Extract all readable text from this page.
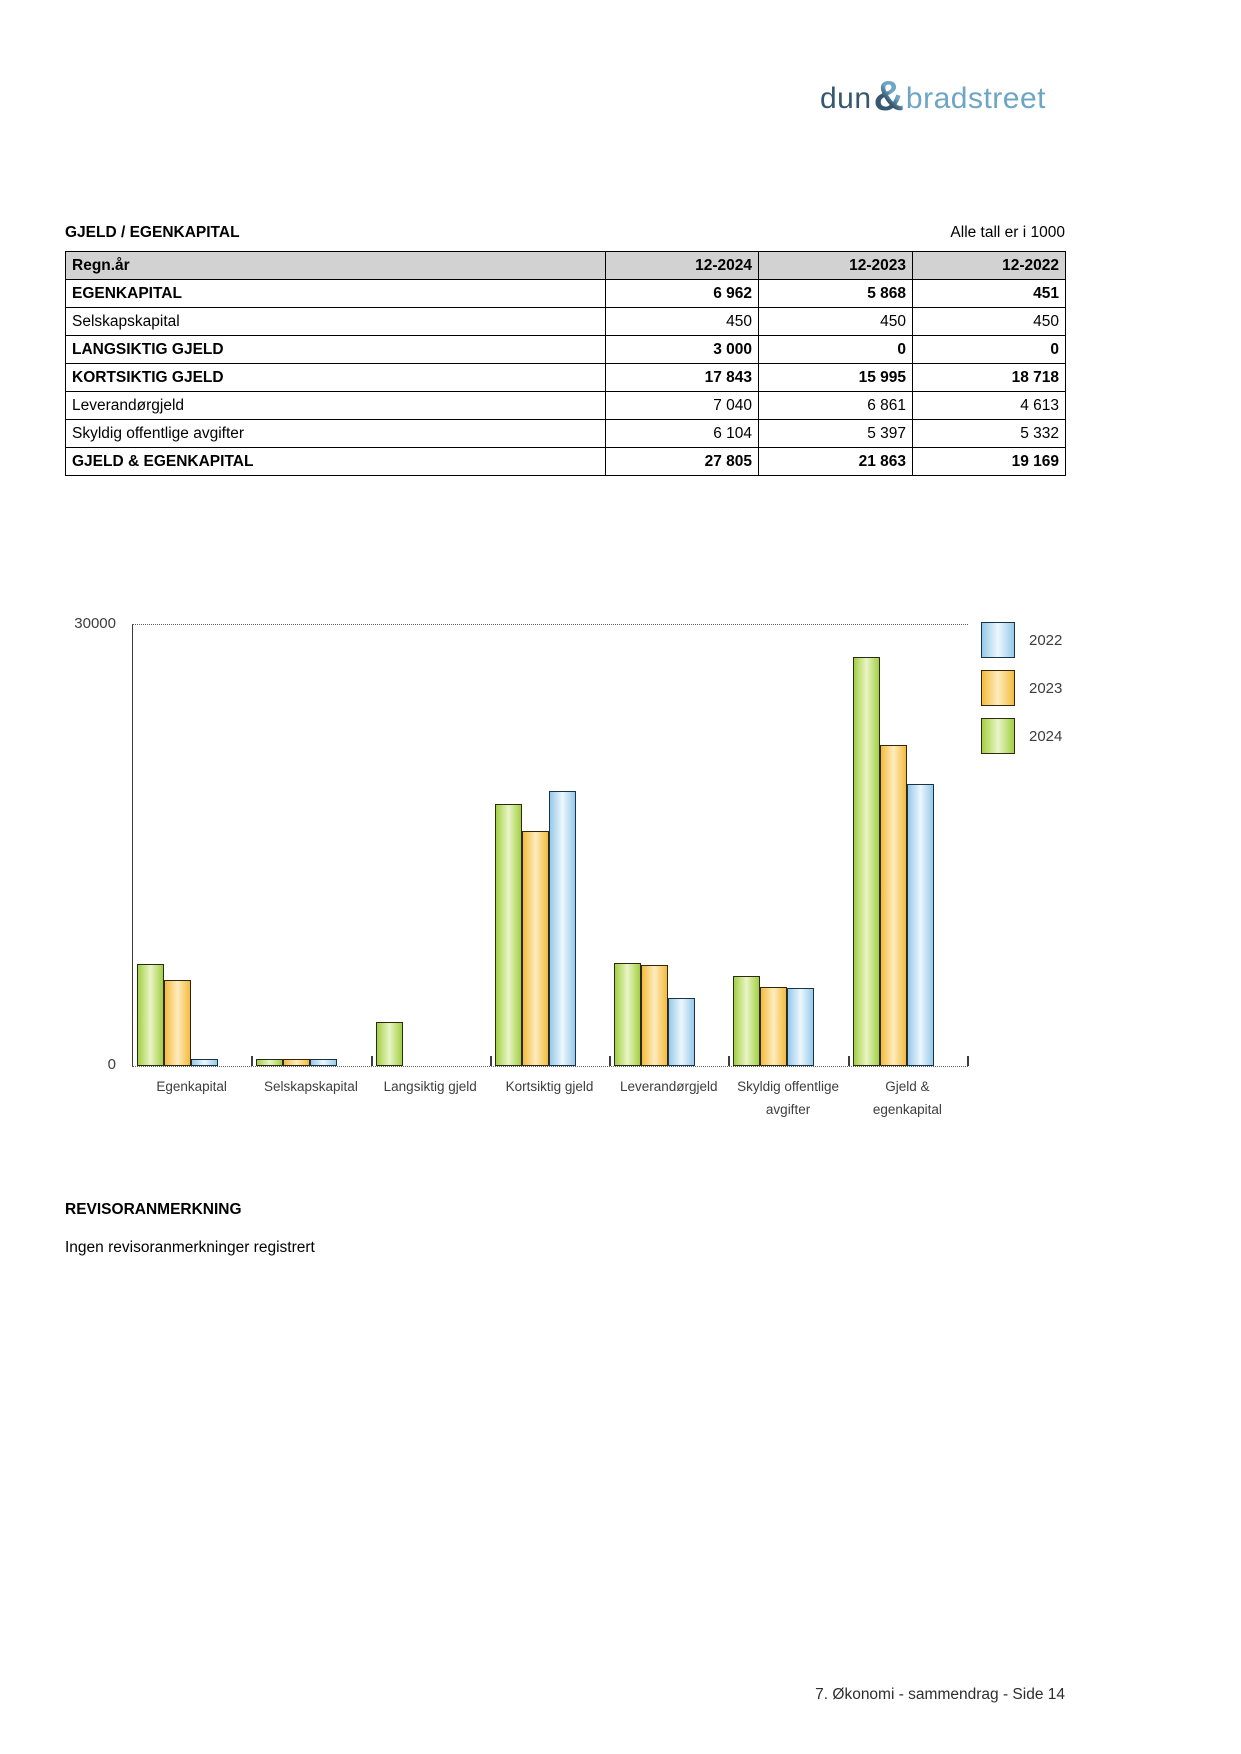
dun & bradstreet
GJELD / EGENKAPITAL	Alle tall er i 1000
Regn.år	12-2024	12-2023	12-2022
EGENKAPITAL	6 962	5 868	451
Selskapskapital	450	450	450
LANGSIKTIG GJELD	3 000	0	0
KORTSIKTIG GJELD	17 843	15 995	18 718
Leverandørgjeld	7 040	6 861	4 613
Skyldig offentlige avgifter	6 104	5 397	5 332
GJELD & EGENKAPITAL	27 805	21 863	19 169
30000
0
Egenkapital	Selskapskapital	Langsiktig gjeld	Kortsiktig gjeld	Leverandørgjeld	Skyldig offentlige avgifter
Gjeld & egenkapital
2022
2023
2024
REVISORANMERKNING
Ingen revisoranmerkninger registrert
7. Økonomi - sammendrag - Side 14
